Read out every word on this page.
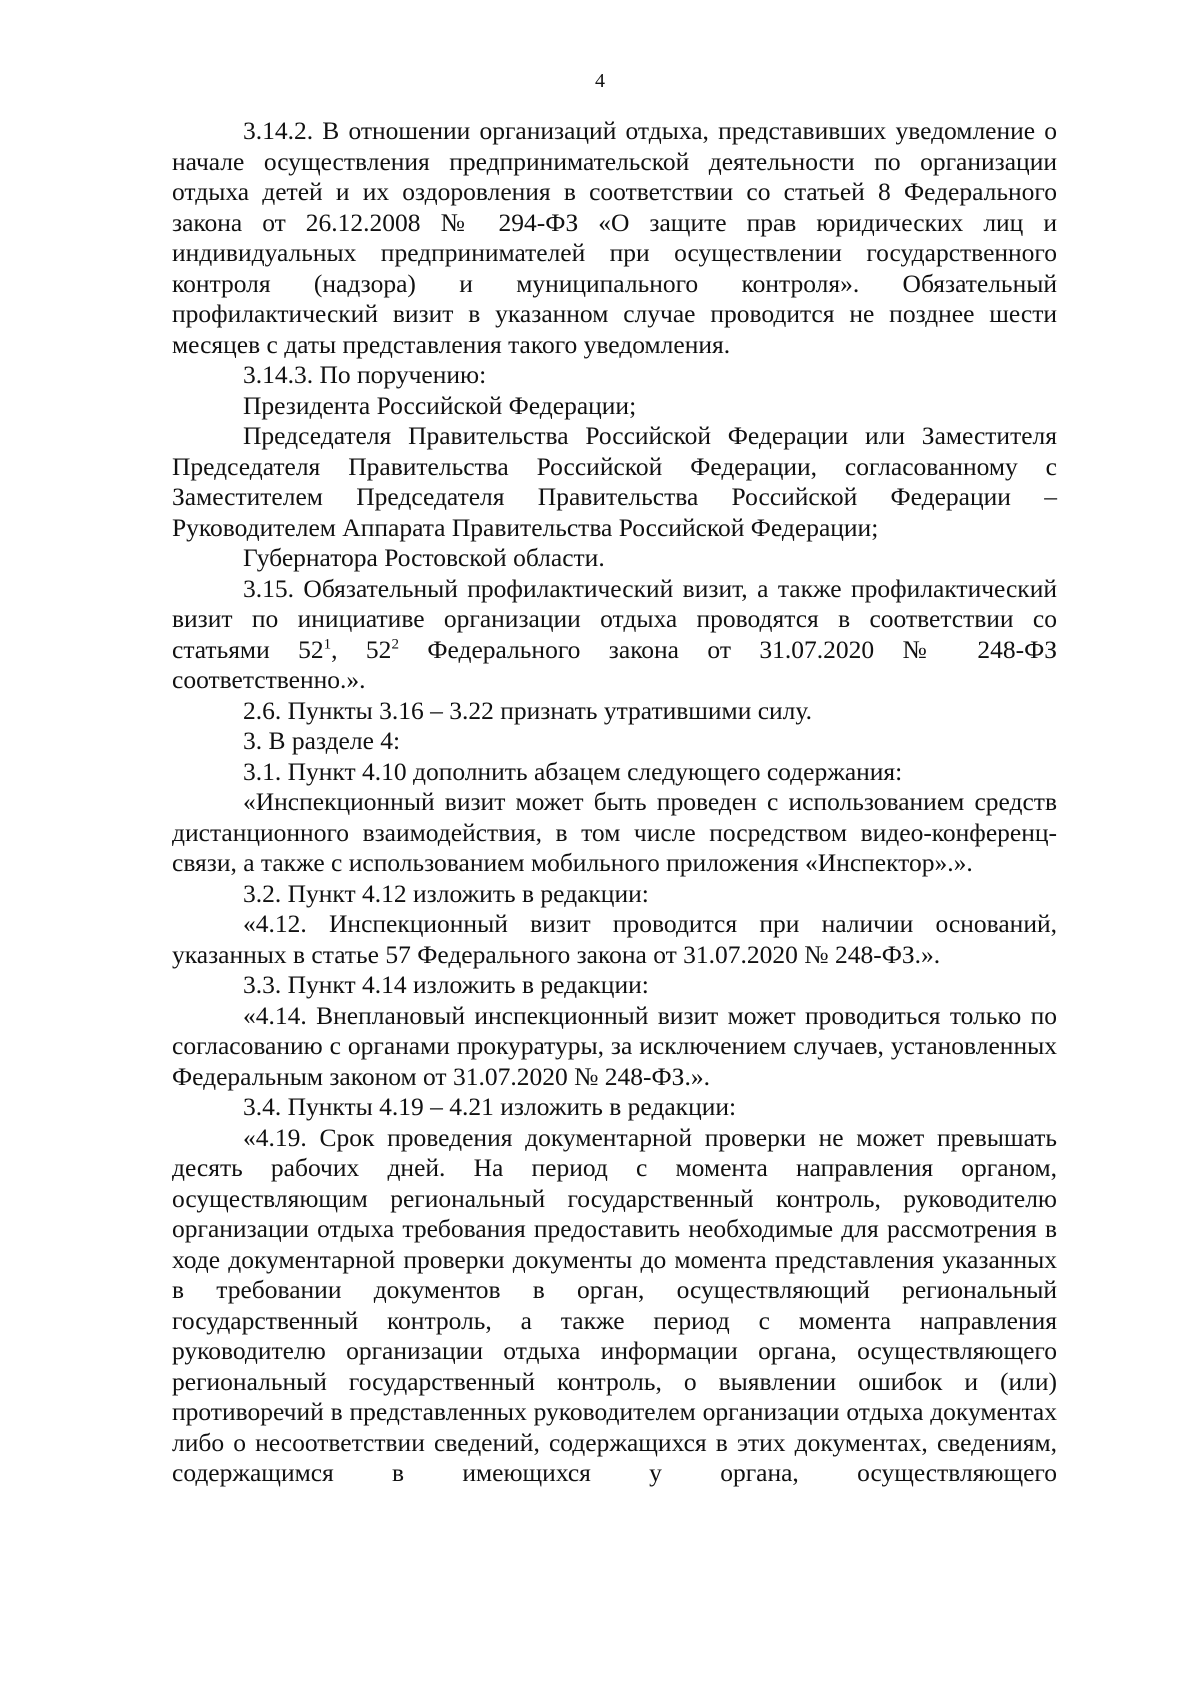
4

3.14.2. В отношении организаций отдыха, представивших уведомление о начале осуществления предпринимательской деятельности по организации отдыха детей и их оздоровления в соответствии со статьей 8 Федерального закона от 26.12.2008 № 294-ФЗ «О защите прав юридических лиц и индивидуальных предпринимателей при осуществлении государственного контроля (надзора) и муниципального контроля». Обязательный профилактический визит в указанном случае проводится не позднее шести месяцев с даты представления такого уведомления.

3.14.3. По поручению:

Президента Российской Федерации;

Председателя Правительства Российской Федерации или Заместителя Председателя Правительства Российской Федерации, согласованному с Заместителем Председателя Правительства Российской Федерации – Руководителем Аппарата Правительства Российской Федерации;

Губернатора Ростовской области.

3.15. Обязательный профилактический визит, а также профилактический визит по инициативе организации отдыха проводятся в соответствии со статьями $52^1$, $52^2$ Федерального закона от 31.07.2020 № 248-ФЗ соответственно.».

2.6. Пункты 3.16 – 3.22 признать утратившими силу.

3. В разделе 4:

3.1. Пункт 4.10 дополнить абзацем следующего содержания:

«Инспекционный визит может быть проведен с использованием средств дистанционного взаимодействия, в том числе посредством видео-конференц-связи, а также с использованием мобильного приложения «Инспектор».».

3.2. Пункт 4.12 изложить в редакции:

«4.12. Инспекционный визит проводится при наличии оснований, указанных в статье 57 Федерального закона от 31.07.2020 № 248-ФЗ.».

3.3. Пункт 4.14 изложить в редакции:

«4.14. Внеплановый инспекционный визит может проводиться только по согласованию с органами прокуратуры, за исключением случаев, установленных Федеральным законом от 31.07.2020 № 248-ФЗ.».

3.4. Пункты 4.19 – 4.21 изложить в редакции:

«4.19. Срок проведения документарной проверки не может превышать десять рабочих дней. На период с момента направления органом, осуществляющим региональный государственный контроль, руководителю организации отдыха требования предоставить необходимые для рассмотрения в ходе документарной проверки документы до момента представления указанных в требовании документов в орган, осуществляющий региональный государственный контроль, а также период с момента направления руководителю организации отдыха информации органа, осуществляющего региональный государственный контроль, о выявлении ошибок и (или) противоречий в представленных руководителем организации отдыха документах либо о несоответствии сведений, содержащихся в этих документах, сведениям, содержащимся в имеющихся у органа, осуществляющего
